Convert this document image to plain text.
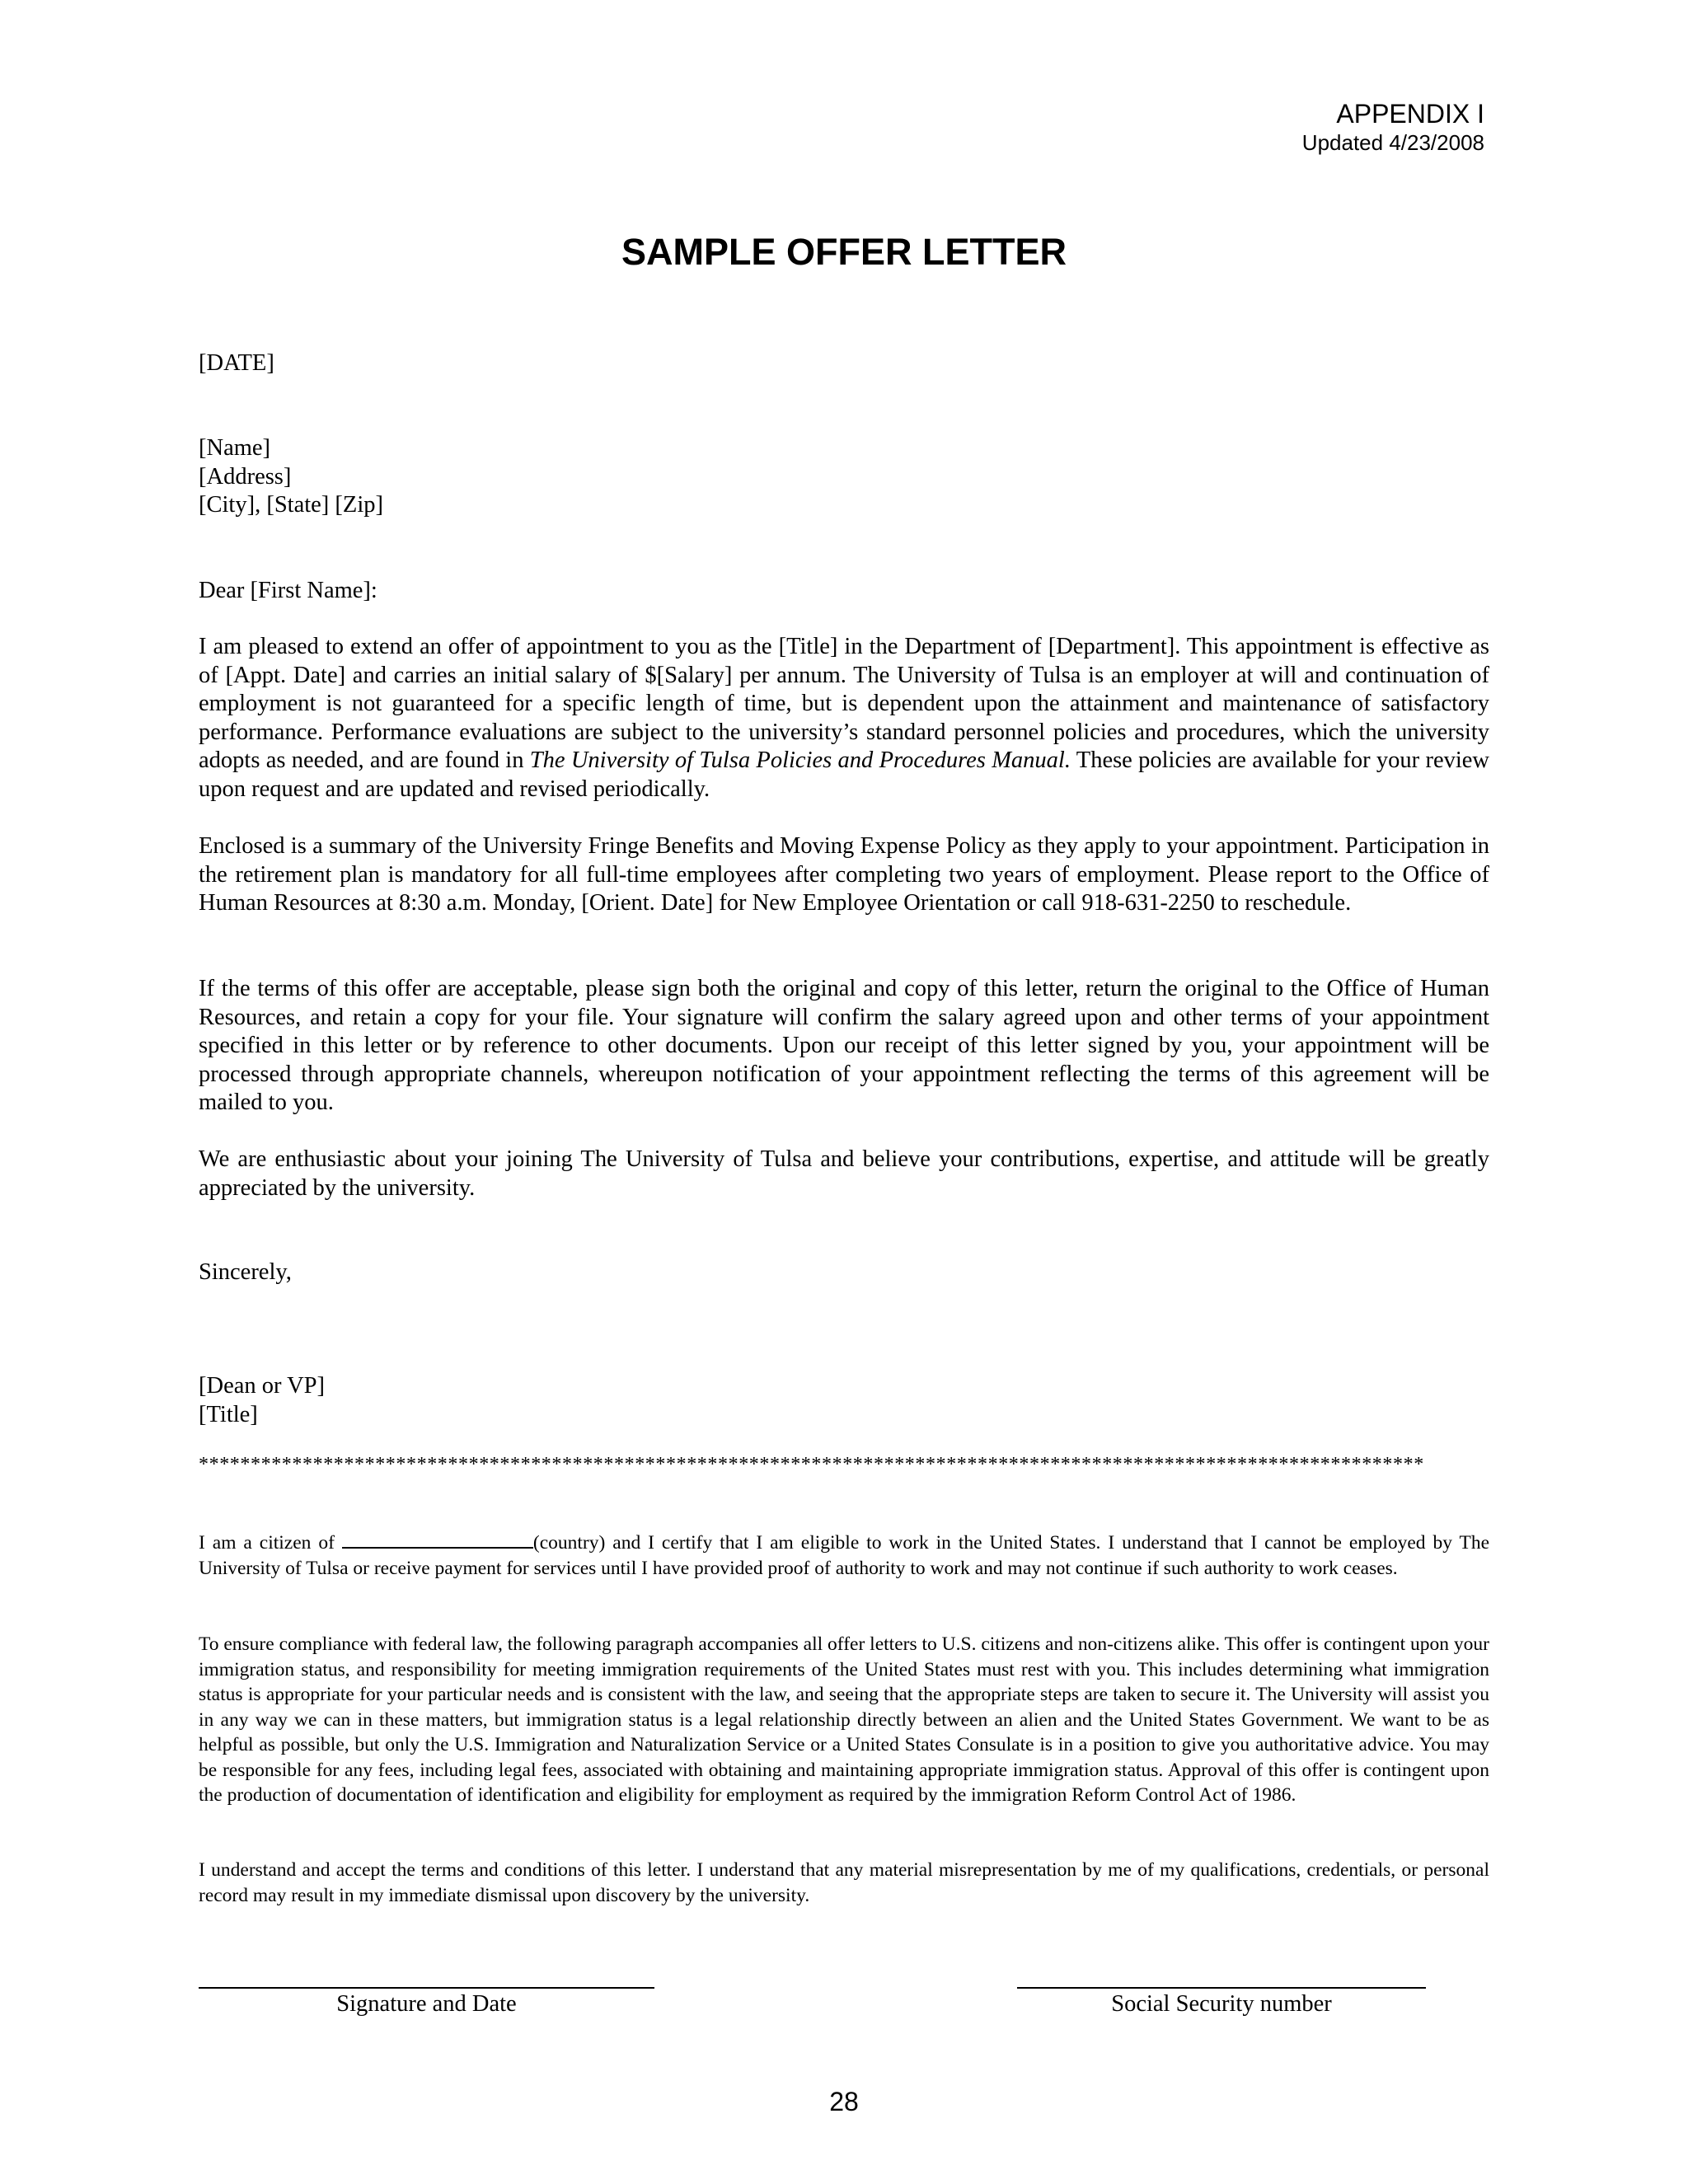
APPENDIX I
Updated 4/23/2008
SAMPLE OFFER LETTER
[DATE]
[Name]
[Address]
[City], [State] [Zip]
Dear [First Name]:
I am pleased to extend an offer of appointment to you as the [Title] in the Department of [Department]. This appointment is effective as of [Appt. Date] and carries an initial salary of $[Salary] per annum. The University of Tulsa is an employer at will and continuation of employment is not guaranteed for a specific length of time, but is dependent upon the attainment and maintenance of satisfactory performance. Performance evaluations are subject to the university’s standard personnel policies and procedures, which the university adopts as needed, and are found in The University of Tulsa Policies and Procedures Manual. These policies are available for your review upon request and are updated and revised periodically.
Enclosed is a summary of the University Fringe Benefits and Moving Expense Policy as they apply to your appointment. Participation in the retirement plan is mandatory for all full-time employees after completing two years of employment. Please report to the Office of Human Resources at 8:30 a.m. Monday, [Orient. Date] for New Employee Orientation or call 918-631-2250 to reschedule.
If the terms of this offer are acceptable, please sign both the original and copy of this letter, return the original to the Office of Human Resources, and retain a copy for your file. Your signature will confirm the salary agreed upon and other terms of your appointment specified in this letter or by reference to other documents. Upon our receipt of this letter signed by you, your appointment will be processed through appropriate channels, whereupon notification of your appointment reflecting the terms of this agreement will be mailed to you.
We are enthusiastic about your joining The University of Tulsa and believe your contributions, expertise, and attitude will be greatly appreciated by the university.
Sincerely,
[Dean or VP]
[Title]
**********************************************************************************************************************
I am a citizen of	(country) and I certify that I am eligible to work in the United States. I understand that I cannot be employed by The University of Tulsa or receive payment for services until I have provided proof of authority to work and may not continue if such authority to work ceases.
To ensure compliance with federal law, the following paragraph accompanies all offer letters to U.S. citizens and non-citizens alike. This offer is contingent upon your immigration status, and responsibility for meeting immigration requirements of the United States must rest with you. This includes determining what immigration status is appropriate for your particular needs and is consistent with the law, and seeing that the appropriate steps are taken to secure it. The University will assist you in any way we can in these matters, but immigration status is a legal relationship directly between an alien and the United States Government. We want to be as helpful as possible, but only the U.S. Immigration and Naturalization Service or a United States Consulate is in a position to give you authoritative advice. You may be responsible for any fees, including legal fees, associated with obtaining and maintaining appropriate immigration status. Approval of this offer is contingent upon the production of documentation of identification and eligibility for employment as required by the immigration Reform Control Act of 1986.
I understand and accept the terms and conditions of this letter. I understand that any material misrepresentation by me of my qualifications, credentials, or personal record may result in my immediate dismissal upon discovery by the university.
Signature and Date	Social Security number
28
